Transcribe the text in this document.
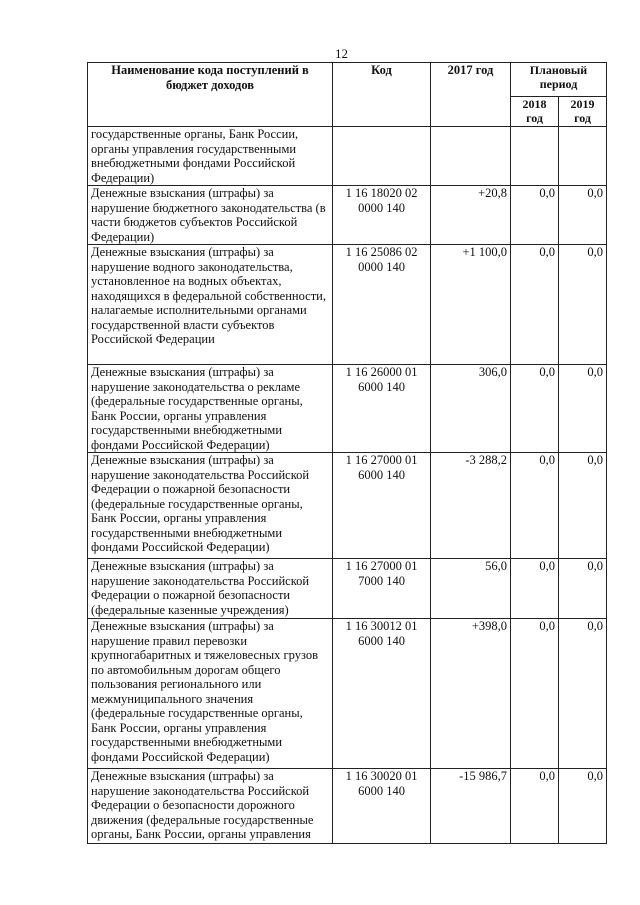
12
Наименование кода поступлений в бюджет доходов	Код	2017 год	Плановый период	
			2018 год	2019 год
государственные органы, Банк России, органы управления государственными внебюджетными фондами Российской Федерации)				
Денежные взыскания (штрафы) за нарушение бюджетного законодательства (в части бюджетов субъектов Российской Федерации)	1 16 18020 02 0000 140	+20,8	0,0	0,0
Денежные взыскания (штрафы) за нарушение водного законодательства, установленное на водных объектах, находящихся в федеральной собственности, налагаемые исполнительными органами государственной власти субъектов Российской Федерации	1 16 25086 02 0000 140	+1 100,0	0,0	0,0
Денежные взыскания (штрафы) за нарушение законодательства о рекламе (федеральные государственные органы, Банк России, органы управления государственными внебюджетными фондами Российской Федерации)	1 16 26000 01 6000 140	306,0	0,0	0,0
Денежные взыскания (штрафы) за нарушение законодательства Российской Федерации о пожарной безопасности (федеральные государственные органы, Банк России, органы управления государственными внебюджетными фондами Российской Федерации)	1 16 27000 01 6000 140	-3 288,2	0,0	0,0
Денежные взыскания (штрафы) за нарушение законодательства Российской Федерации о пожарной безопасности (федеральные казенные учреждения)	1 16 27000 01 7000 140	56,0	0,0	0,0
Денежные взыскания (штрафы) за нарушение правил перевозки крупногабаритных и тяжеловесных грузов по автомобильным дорогам общего пользования регионального или межмуниципального значения (федеральные государственные органы, Банк России, органы управления государственными внебюджетными фондами Российской Федерации)	1 16 30012 01 6000 140	+398,0	0,0	0,0
Денежные взыскания (штрафы) за нарушение законодательства Российской Федерации о безопасности дорожного движения (федеральные государственные органы, Банк России, органы управления	1 16 30020 01 6000 140	-15 986,7	0,0	0,0
